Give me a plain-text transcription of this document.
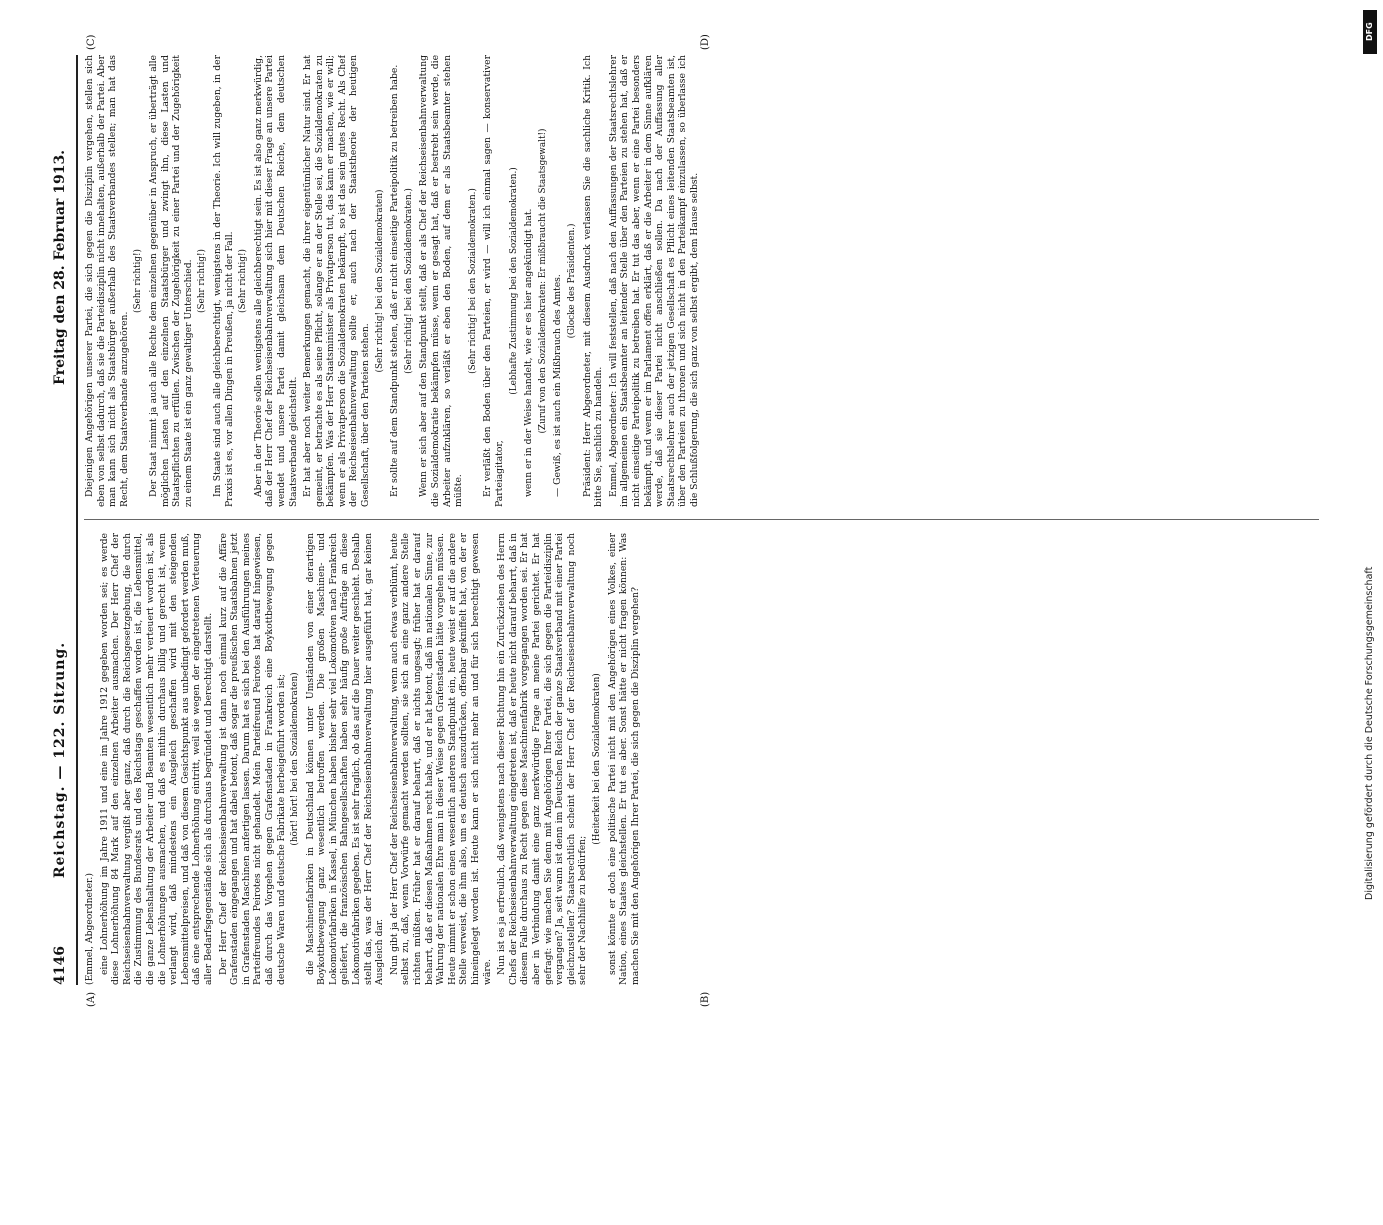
4146
Reichstag. — 122. Sitzung.
Freitag den 28. Februar 1913.
(A)	(B)
(C)	(D)

(Emmel, Abgeordneter.) eine Lohnerhöhung im Jahre 1911 und eine im Jahre 1912 gegeben worden sei; es werde diese Lohnerhöhung 84 Mark auf den einzelnen Arbeiter ausmachen. Der Herr Chef der Reichseisenbahnverwaltung vergißt aber ganz, daß durch die Reichsgesetzgebung, die durch die Zustimmung des Bundesrats und des Reichstags geschaffen worden ist, die Lebensmittel, die ganze Lebenshaltung der Arbeiter und Beamten wesentlich mehr verteuert worden ist, als die Lohnerhöhungen ausmachen, und daß es mithin durchaus billig und gerecht ist, wenn verlangt wird, daß mindestens ein Ausgleich geschaffen wird mit den steigenden Lebensmittelpreisen, und daß von diesem Gesichtspunkt aus unbedingt gefordert werden muß, daß eine entsprechende Lohnerhöhung eintritt, weil sie wegen der eingetretenen Verteuerung aller Bedarfsgegenstände sich als durchaus begründet und berechtigt darstellt. Der Herr Chef der Reichseisenbahnverwaltung ist dann noch einmal kurz auf die Affäre Grafenstaden eingegangen und hat dabei betont, daß sogar die preußischen Staatsbahnen jetzt in Grafenstaden Maschinen anfertigen lassen. Darum hat es sich bei den Ausführungen meines Parteifreundes Peirotes nicht gehandelt. Mein Parteifreund Peirotes hat darauf hingewiesen, daß durch das Vorgehen gegen Grafenstaden in Frankreich eine Boykottbewegung gegen deutsche Waren und deutsche Fabrikate herbeigeführt worden ist; (hört! hört! bei den Sozialdemokraten) die Maschinenfabriken in Deutschland können unter Umständen von einer derartigen Boykottbewegung ganz wesentlich betroffen werden. Die großen Maschinen- und Lokomotivfabriken in Kassel, in München haben bisher sehr viel Lokomotiven nach Frankreich geliefert, die französischen Bahngesellschaften haben sehr häufig große Aufträge an diese Lokomotivfabriken gegeben. Es ist sehr fraglich, ob das auf die Dauer weiter geschieht. Deshalb stellt das, was der Herr Chef der Reichseisenbahnverwaltung hier ausgeführt hat, gar keinen Ausgleich dar. Nun gibt ja der Herr Chef der Reichseisenbahnverwaltung, wenn auch etwas verblümt, heute selbst zu, daß, wenn Vorwürfe gemacht werden sollten, sie sich an eine ganz andere Stelle richten müßten. Früher hat er darauf beharrt, daß er nichts ungesagt; früher hat er darauf beharrt, daß er diesen Maßnahmen recht habe, und er hat betont, daß im nationalen Sinne, zur Wahrung der nationalen Ehre man in dieser Weise gegen Grafenstaden hätte vorgehen müssen. Heute nimmt er schon einen wesentlich anderen Standpunkt ein, heute weist er auf die andere Stelle verweist, die ihm also, um es deutsch auszudrücken, offenbar gekniffelt hat, von der er hineingelegt worden ist. Heute kann er sich nicht mehr an und für sich berechtigt gewesen wäre. Nun ist es ja erfreulich, daß wenigstens nach dieser Richtung hin ein Zurückziehen des Herrn Chefs der Reichseisenbahnverwaltung eingetreten ist, daß er heute nicht darauf beharrt, daß in diesem Falle durchaus zu Recht gegen diese Maschinenfabrik vorgegangen worden sei. Er hat aber in Verbindung damit eine ganz merkwürdige Frage an meine Partei gerichtet. Er hat gefragt: wie machen Sie denn mit Angehörigen Ihrer Partei, die sich gegen die Parteidisziplin vergangen? Ja, seit wann ist denn im Deutschen Reich der ganze Staatsverband mit einer Partei gleichzustellen? Staatsrechtlich scheint der Herr Chef der Reichseisenbahnverwaltung noch sehr der Nachhilfe zu bedürfen;

(Heiterkeit bei den Sozialdemokraten) sonst könnte er doch eine politische Partei nicht mit den Angehörigen eines Volkes, einer Nation, eines Staates gleichstellen. Er tut es aber. Sonst hätte er nicht fragen können: Was machen Sie mit den Angehörigen Ihrer Partei, die sich gegen die Disziplin vergehen?

Diejenigen Angehörigen unserer Partei, die sich gegen die Disziplin vergehen, stellen sich eben von selbst dadurch, daß sie die Parteidisziplin nicht innehalten, außerhalb der Partei. Aber man kann sich nicht als Staatsbürger außerhalb des Staatsverbandes stellen; man hat das Recht, dem Staatsverbande anzugehören.

(Sehr richtig!) Der Staat nimmt ja auch alle Rechte dem einzelnen gegenüber in Anspruch, er überträgt alle möglichen Lasten auf den einzelnen Staatsbürger und zwingt ihn, diese Lasten und Staatspflichten zu erfüllen. Zwischen der Zugehörigkeit zu einer Partei und der Zugehörigkeit zu einem Staate ist ein ganz gewaltiger Unterschied. (Sehr richtig!) Im Staate sind auch alle gleichberechtigt, wenigstens in der Theorie. Ich will zugeben, in der Praxis ist es, vor allen Dingen in Preußen, ja nicht der Fall. (Sehr richtig!) Aber in der Theorie sollen wenigstens alle gleichberechtigt sein. Es ist also ganz merkwürdig, daß der Herr Chef der Reichseisenbahnverwaltung sich hier mit dieser Frage an unsere Partei wendet und unsere Partei damit gleichsam dem Deutschen Reiche, dem deutschen Staatsverbande gleichstellt. Er hat aber noch weiter Bemerkungen gemacht, die ihrer eigentümlicher Natur sind. Er hat gemeint, er betrachte es als seine Pflicht, solange er an der Stelle sei, die Sozialdemokraten zu bekämpfen. Was der Herr Staatsminister als Privatperson tut, das kann er machen, wie er will; wenn er als Privatperson die Sozialdemokraten bekämpft, so ist das sein gutes Recht. Als Chef der Reichseisenbahnverwaltung sollte er, auch nach der Staatstheorie der heutigen Gesellschaft, über den Parteien stehen.

(Sehr richtig! bei den Sozialdemokraten) Er sollte auf dem Standpunkt stehen, daß er nicht einseitige Parteipolitik zu betreiben habe. (Sehr richtig! bei den Sozialdemokraten.) Wenn er sich aber auf den Standpunkt stellt, daß er als Chef der Reichseisenbahnverwaltung die Sozialdemokratie bekämpfen müsse, wenn er gesagt hat, daß er bestrebt sein werde, die Arbeiter aufzuklären, so verläßt er eben den Boden, auf dem er als Staatsbeamter stehen müßte.

(Sehr richtig! bei den Sozialdemokraten.) Er verläßt den Boden über den Parteien, er wird — will ich einmal sagen — konservativer Parteiagitator,

(Lebhafte Zustimmung bei den Sozialdemokraten.) wenn er in der Weise handelt, wie er es hier angekündigt hat. (Zuruf von den Sozialdemokraten: Er mißbraucht die Staatsgewalt!) — Gewiß, es ist auch ein Mißbrauch des Amtes. (Glocke des Präsidenten.) Präsident: Herr Abgeordneter, mit diesem Ausdruck verlassen Sie die sachliche Kritik. Ich bitte Sie, sachlich zu handeln. Emmel, Abgeordneter: Ich will feststellen, daß nach den Auffassungen der Staatsrechtslehrer im allgemeinen ein Staatsbeamter an leitender Stelle über den Parteien zu stehen hat, daß er nicht einseitige Parteipolitik zu betreiben hat. Er tut das aber, wenn er eine Partei besonders bekämpft, und wenn er im Parlament offen erklärt, daß er die Arbeiter in dem Sinne aufklären werde, daß sie dieser Partei nicht anschließen sollen. Da nach der Auffassung aller Staatsrechtslehrer auch der jetzigen Gesellschaft es Pflicht eines leitenden Staatsbeamten ist, über den Parteien zu thronen und sich nicht in den Parteikampf einzulassen, so überlasse ich die Schlußfolgerung, die sich ganz von selbst ergibt, dem Hause selbst.

DFG
Digitalisierung gefördert durch die Deutsche Forschungsgemeinschaft
